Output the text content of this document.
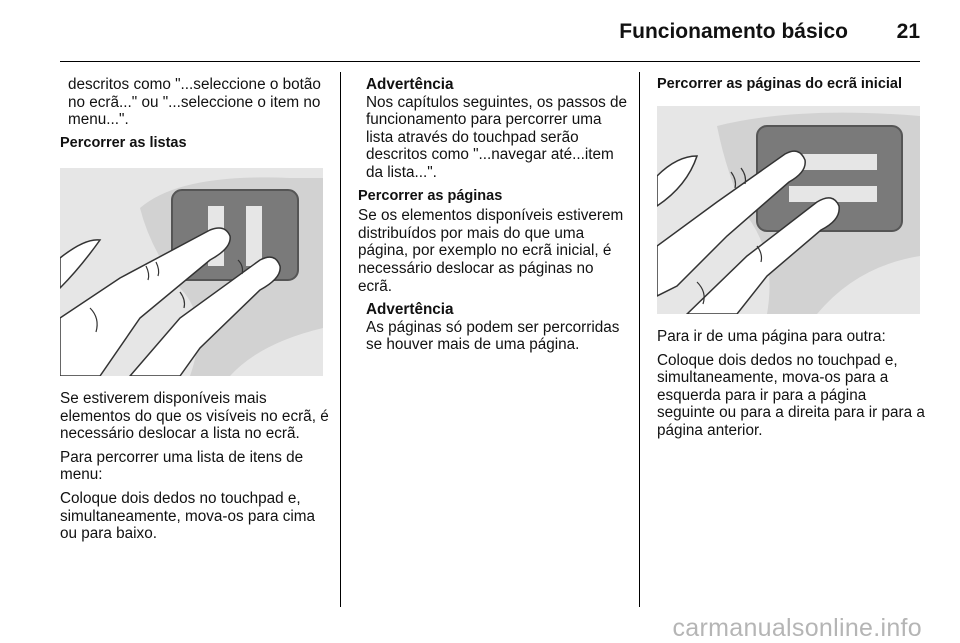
Funcionamento básico	21

descritos como "...seleccione o botão no ecrã..." ou "...seleccione o item no menu...".

Percorrer as listas

Se estiverem disponíveis mais elementos do que os visíveis no ecrã, é necessário deslocar a lista no ecrã.

Para percorrer uma lista de itens de menu:

Coloque dois dedos no touchpad e, simultaneamente, mova-os para cima ou para baixo.

Advertência
Nos capítulos seguintes, os passos de funcionamento para percorrer uma lista através do touchpad serão descritos como "...navegar até...item da lista...".
Percorrer as páginas

Se os elementos disponíveis estiverem distribuídos por mais do que uma página, por exemplo no ecrã inicial, é necessário deslocar as páginas no ecrã.

Advertência
As páginas só podem ser percorridas se houver mais de uma página.
Percorrer as páginas do ecrã inicial

Para ir de uma página para outra:

Coloque dois dedos no touchpad e, simultaneamente, mova-os para a esquerda para ir para a página seguinte ou para a direita para ir para a página anterior.

carmanualsonline.info
